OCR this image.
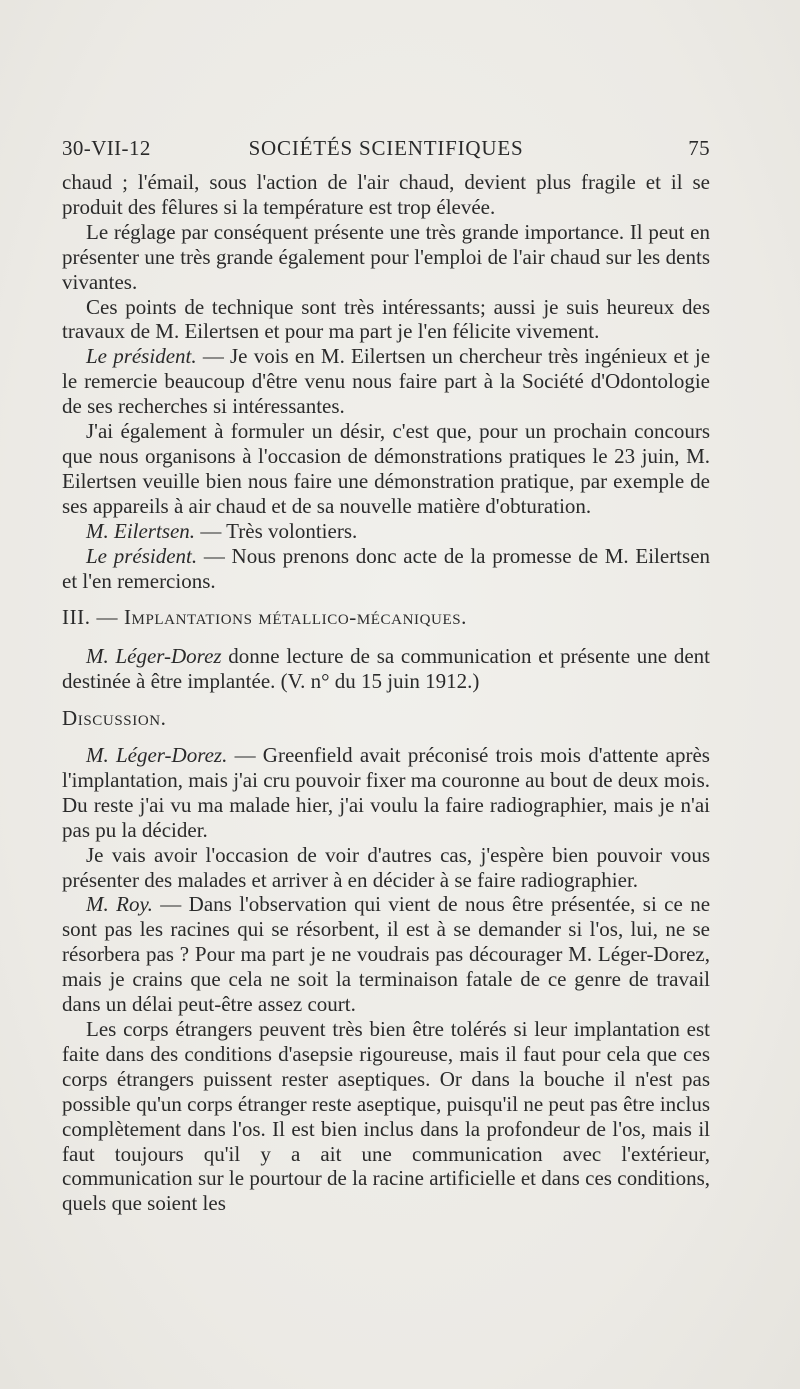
30-VII-12	SOCIÉTÉS SCIENTIFIQUES	75

chaud ; l'émail, sous l'action de l'air chaud, devient plus fragile et il se produit des fêlures si la température est trop élevée.

Le réglage par conséquent présente une très grande importance. Il peut en présenter une très grande également pour l'emploi de l'air chaud sur les dents vivantes.

Ces points de technique sont très intéressants; aussi je suis heureux des travaux de M. Eilertsen et pour ma part je l'en félicite vivement.

Le président. — Je vois en M. Eilertsen un chercheur très ingénieux et je le remercie beaucoup d'être venu nous faire part à la Société d'Odontologie de ses recherches si intéressantes.

J'ai également à formuler un désir, c'est que, pour un prochain concours que nous organisons à l'occasion de démonstrations pratiques le 23 juin, M. Eilertsen veuille bien nous faire une démonstration pratique, par exemple de ses appareils à air chaud et de sa nouvelle matière d'obturation.

M. Eilertsen. — Très volontiers.

Le président. — Nous prenons donc acte de la promesse de M. Eilertsen et l'en remercions.

III. — Implantations métallico-mécaniques.

M. Léger-Dorez donne lecture de sa communication et présente une dent destinée à être implantée. (V. n° du 15 juin 1912.)

Discussion.

M. Léger-Dorez. — Greenfield avait préconisé trois mois d'attente après l'implantation, mais j'ai cru pouvoir fixer ma couronne au bout de deux mois. Du reste j'ai vu ma malade hier, j'ai voulu la faire radiographier, mais je n'ai pas pu la décider.

Je vais avoir l'occasion de voir d'autres cas, j'espère bien pouvoir vous présenter des malades et arriver à en décider à se faire radiographier.

M. Roy. — Dans l'observation qui vient de nous être présentée, si ce ne sont pas les racines qui se résorbent, il est à se demander si l'os, lui, ne se résorbera pas ? Pour ma part je ne voudrais pas décourager M. Léger-Dorez, mais je crains que cela ne soit la terminaison fatale de ce genre de travail dans un délai peut-être assez court.

Les corps étrangers peuvent très bien être tolérés si leur implantation est faite dans des conditions d'asepsie rigoureuse, mais il faut pour cela que ces corps étrangers puissent rester aseptiques. Or dans la bouche il n'est pas possible qu'un corps étranger reste aseptique, puisqu'il ne peut pas être inclus complètement dans l'os. Il est bien inclus dans la profondeur de l'os, mais il faut toujours qu'il y a ait une communication avec l'extérieur, communication sur le pourtour de la racine artificielle et dans ces conditions, quels que soient les
